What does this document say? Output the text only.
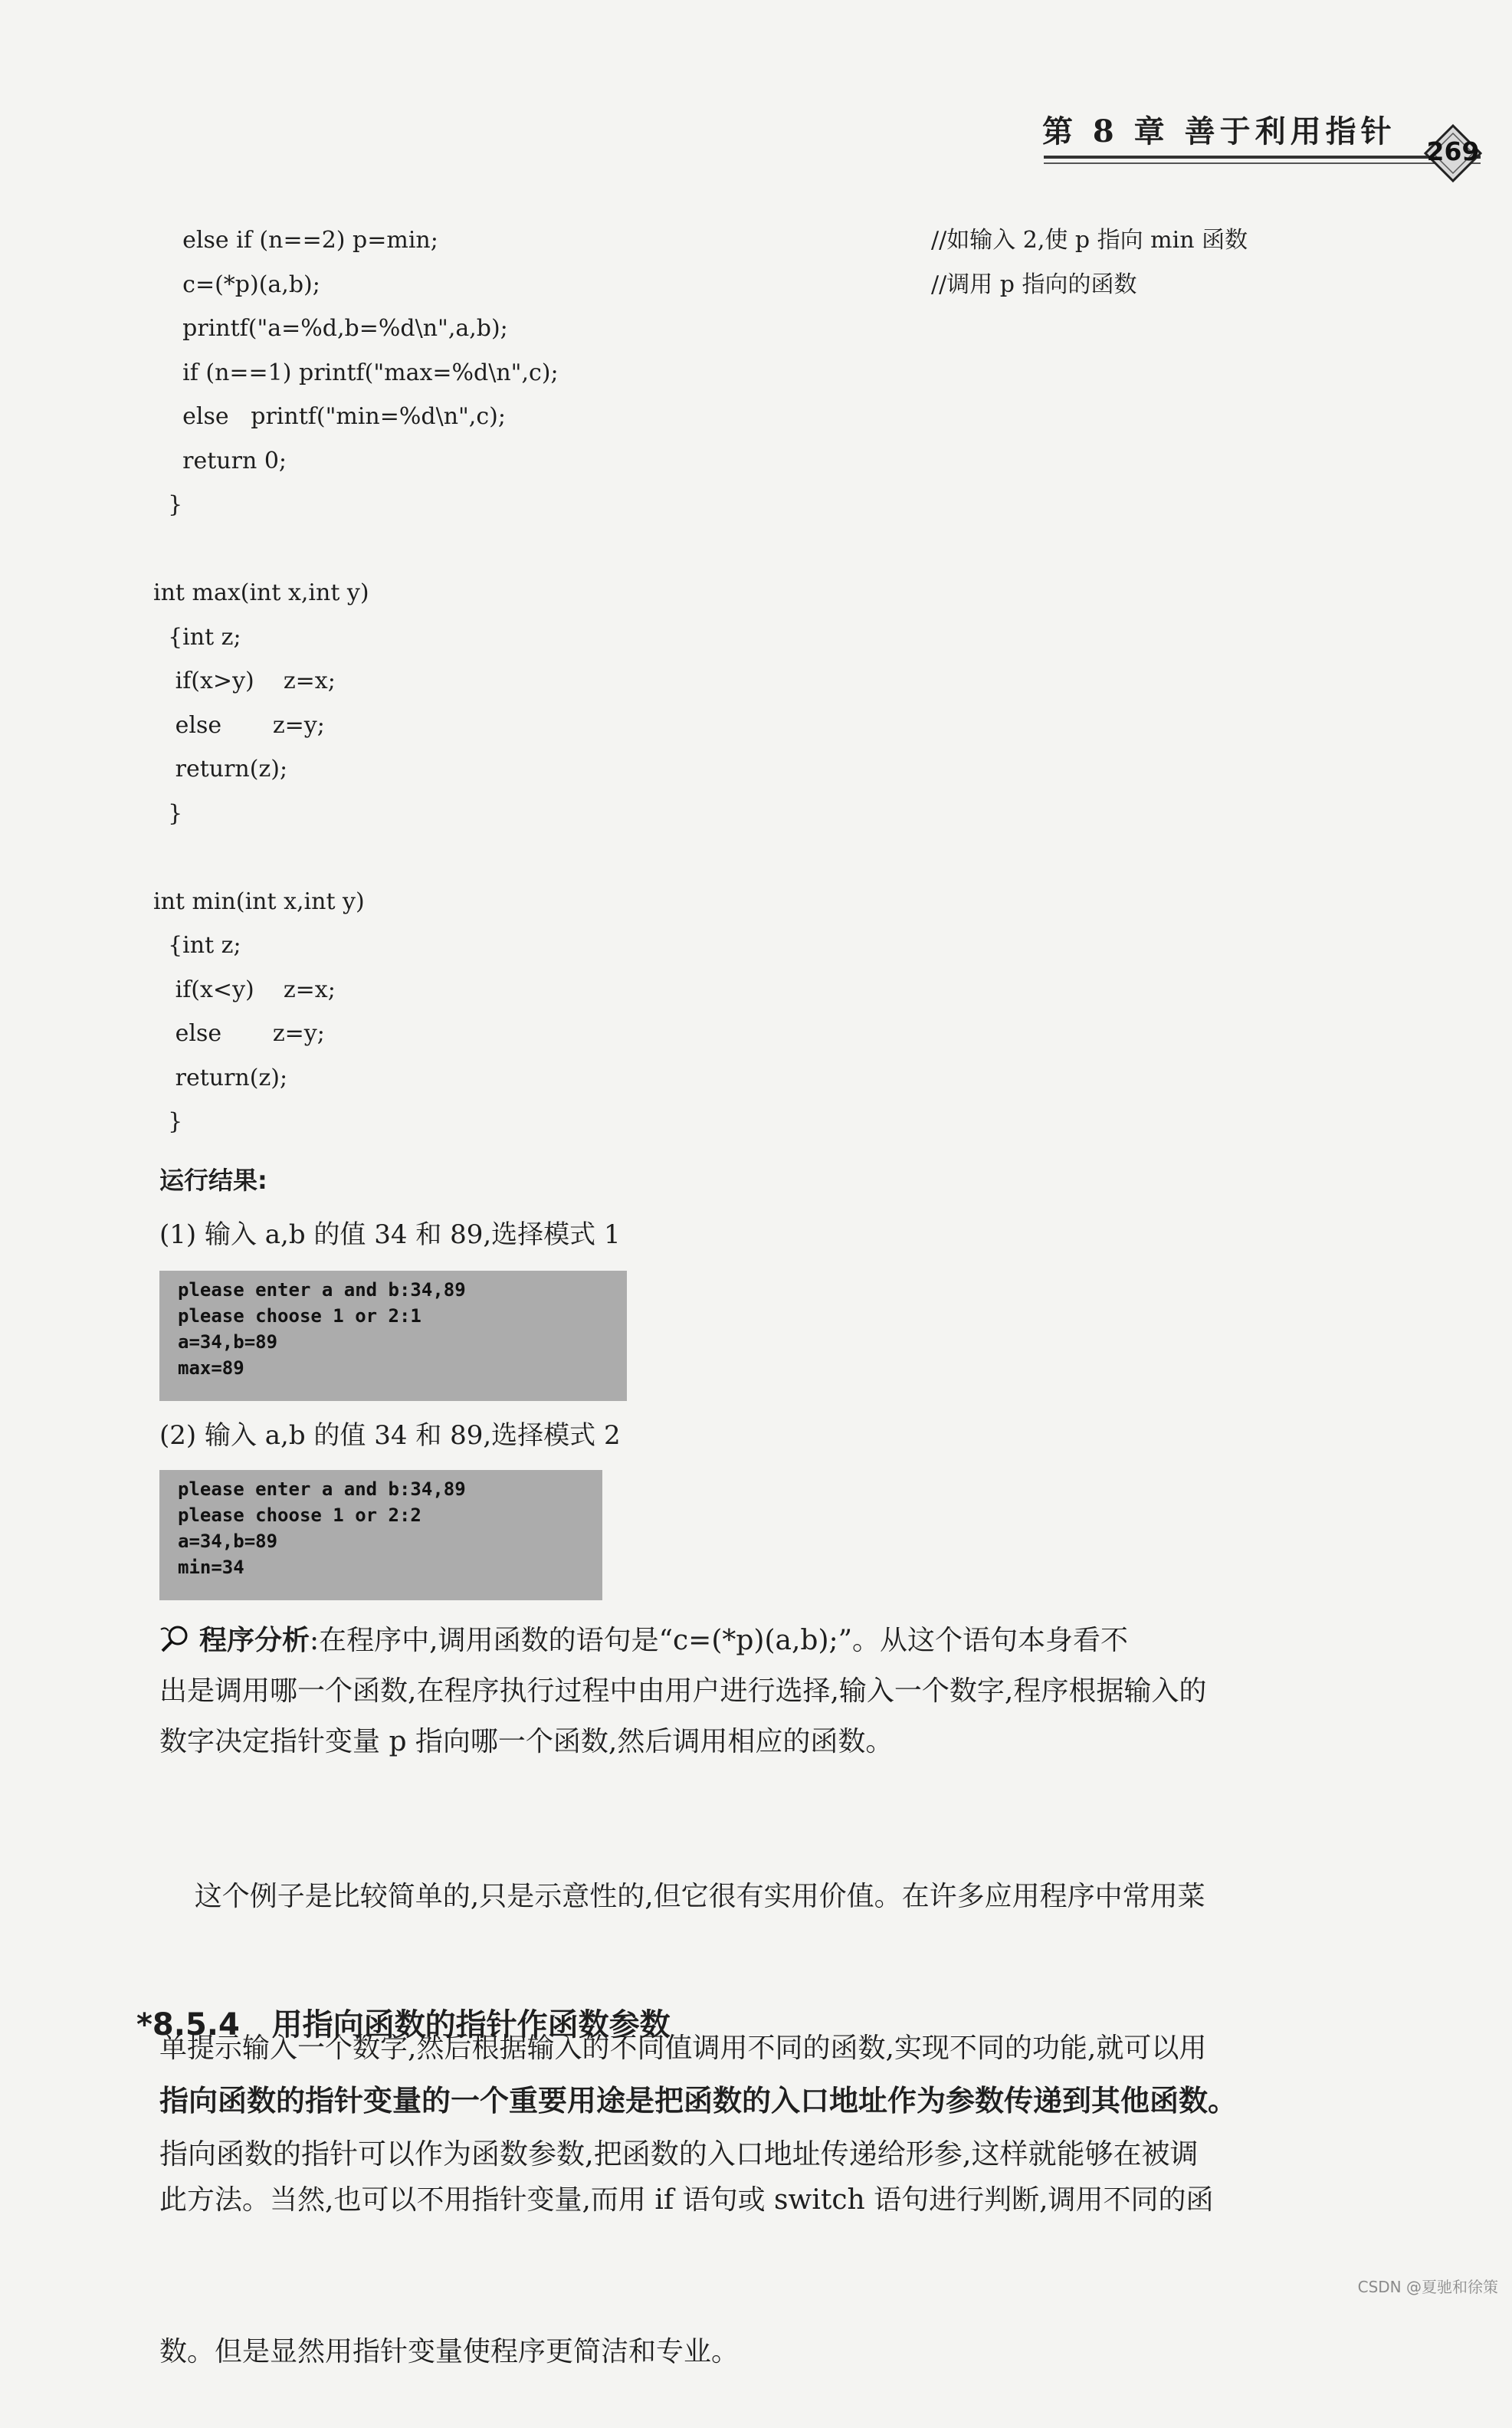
第 8 章 善于利用指针
269
else if (n==2) p=min;
c=(*p)(a,b);
printf("a=%d,b=%d\n",a,b);
if (n==1) printf("max=%d\n",c);
else   printf("min=%d\n",c);
return 0;
}

int max(int x,int y)
{int z;
if(x>y)    z=x;
else       z=y;
return(z);
}

int min(int x,int y)
{int z;
if(x<y)    z=x;
else       z=y;
return(z);
}
//如输入 2,使 p 指向 min 函数
//调用 p 指向的函数
运行结果:
(1) 输入 a,b 的值 34 和 89,选择模式 1
please enter a and b:34,89
please choose 1 or 2:1
a=34,b=89
max=89
(2) 输入 a,b 的值 34 和 89,选择模式 2
please enter a and b:34,89
please choose 1 or 2:2
a=34,b=89
min=34
程序分析:在程序中,调用函数的语句是“c=(*p)(a,b);”。从这个语句本身看不
出是调用哪一个函数,在程序执行过程中由用户进行选择,输入一个数字,程序根据输入的
数字决定指针变量 p 指向哪一个函数,然后调用相应的函数。

这个例子是比较简单的,只是示意性的,但它很有实用价值。在许多应用程序中常用菜

单提示输入一个数字,然后根据输入的不同值调用不同的函数,实现不同的功能,就可以用

此方法。当然,也可以不用指针变量,而用 if 语句或 switch 语句进行判断,调用不同的函

数。但是显然用指针变量使程序更简洁和专业。

*8.5.4   用指向函数的指针作函数参数
指向函数的指针变量的一个重要用途是把函数的入口地址作为参数传递到其他函数。
指向函数的指针可以作为函数参数,把函数的入口地址传递给形参,这样就能够在被调
CSDN @夏驰和徐策
